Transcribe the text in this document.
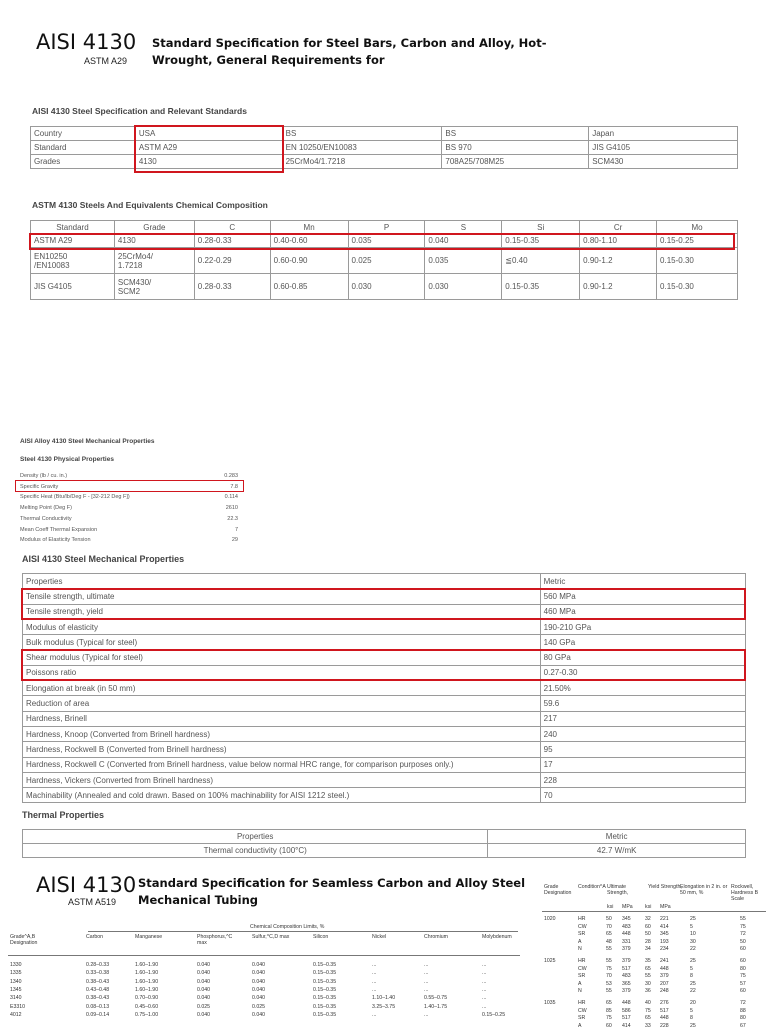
AISI 4130
ASTM A29
Standard Specification for Steel Bars, Carbon and Alloy, Hot-
Wrought, General Requirements for
AISI 4130 Steel Specification and Relevant Standards
Country	USA	BS	BS	Japan
Standard	ASTM A29	EN 10250/EN10083	BS 970	JIS G4105
Grades	4130	25CrMo4/1.7218	708A25/708M25	SCM430
ASTM 4130 Steels And Equivalents Chemical Composition
Standard	Grade	C	Mn	P	S	Si	Cr	Mo
ASTM A29	4130	0.28-0.33	0.40-0.60	0.035	0.040	0.15-0.35	0.80-1.10	0.15-0.25
EN10250
/EN10083	25CrMo4/
1.7218	0.22-0.29	0.60-0.90	0.025	0.035	≦0.40	0.90-1.2	0.15-0.30
JIS G4105	SCM430/
SCM2	0.28-0.33	0.60-0.85	0.030	0.030	0.15-0.35	0.90-1.2	0.15-0.30
AISI Alloy 4130 Steel Mechanical Properties
Steel 4130 Physical Properties
Density (lb / cu. in.)	0.283
Specific Gravity	7.8
Specific Heat (Btu/lb/Deg F - [32-212 Deg F])	0.114
Melting Point (Deg F)	2610
Thermal Conductivity	22.3
Mean Coeff Thermal Expansion	7
Modulus of Elasticity Tension	29
AISI 4130 Steel Mechanical Properties
Properties	Metric
Tensile strength, ultimate	560 MPa
Tensile strength, yield	460 MPa
Modulus of elasticity	190-210 GPa
Bulk modulus (Typical for steel)	140 GPa
Shear modulus (Typical for steel)	80 GPa
Poissons ratio	0.27-0.30
Elongation at break (in 50 mm)	21.50%
Reduction of area	59.6
Hardness, Brinell	217
Hardness, Knoop (Converted from Brinell hardness)	240
Hardness, Rockwell B (Converted from Brinell hardness)	95
Hardness, Rockwell C (Converted from Brinell hardness, value below normal HRC range, for comparison purposes only.)	17
Hardness, Vickers (Converted from Brinell hardness)	228
Machinability (Annealed and cold drawn. Based on 100% machinability for AISI 1212 steel.)	70
Thermal Properties
Properties	Metric
Thermal conductivity (100°C)	42.7 W/mK
AISI 4130
ASTM A519
Standard Specification for Seamless Carbon and Alloy Steel
Mechanical Tubing
Chemical Composition Limits, %
Grade^A,B Designation
Carbon	Manganese	Phosphorus,^C max
Sulfur,^C,D max	Silicon	Nickel	Chromium	Molybdenum
1330	0.28–0.33	1.60–1.90	0.040	0.040	0.15–0.35	...	...	...
1335	0.33–0.38	1.60–1.90	0.040	0.040	0.15–0.35	...	...	...
1340	0.38–0.43	1.60–1.90	0.040	0.040	0.15–0.35	...	...	...
1345	0.43–0.48	1.60–1.90	0.040	0.040	0.15–0.35	...	...	...
3140	0.38–0.43	0.70–0.90	0.040	0.040	0.15–0.35	1.10–1.40	0.55–0.75	...
E3310	0.08–0.13	0.45–0.60	0.025	0.025	0.15–0.35	3.25–3.75	1.40–1.75	...
4012	0.09–0.14	0.75–1.00	0.040	0.040	0.15–0.35	...	...	0.15–0.25
Grade Designation
Condition^A Ultimate Strength,
Yield Strength,
Elongation in 2 in. or 50 mm, %
Rockwell, Hardness B Scale
ksi MPa ksi MPa
1020	HR	50 345	32 221	25	55
CW	70 483	60 414	5	75
SR	65 448	50 345	10	72
A	48 331	28 193	30	50
N	55 379	34 234	22	60
1025	HR	55 379	35 241	25	60
CW	75 517	65 448	5	80
SR	70 483	55 379	8	75
A	53 365	30 207	25	57
N	55 379	36 248	22	60
1035	HR	65 448	40 276	20	72
CW	85 586	75 517	5	88
SR	75 517	65 448	8	80
A	60 414	33 228	25	67
